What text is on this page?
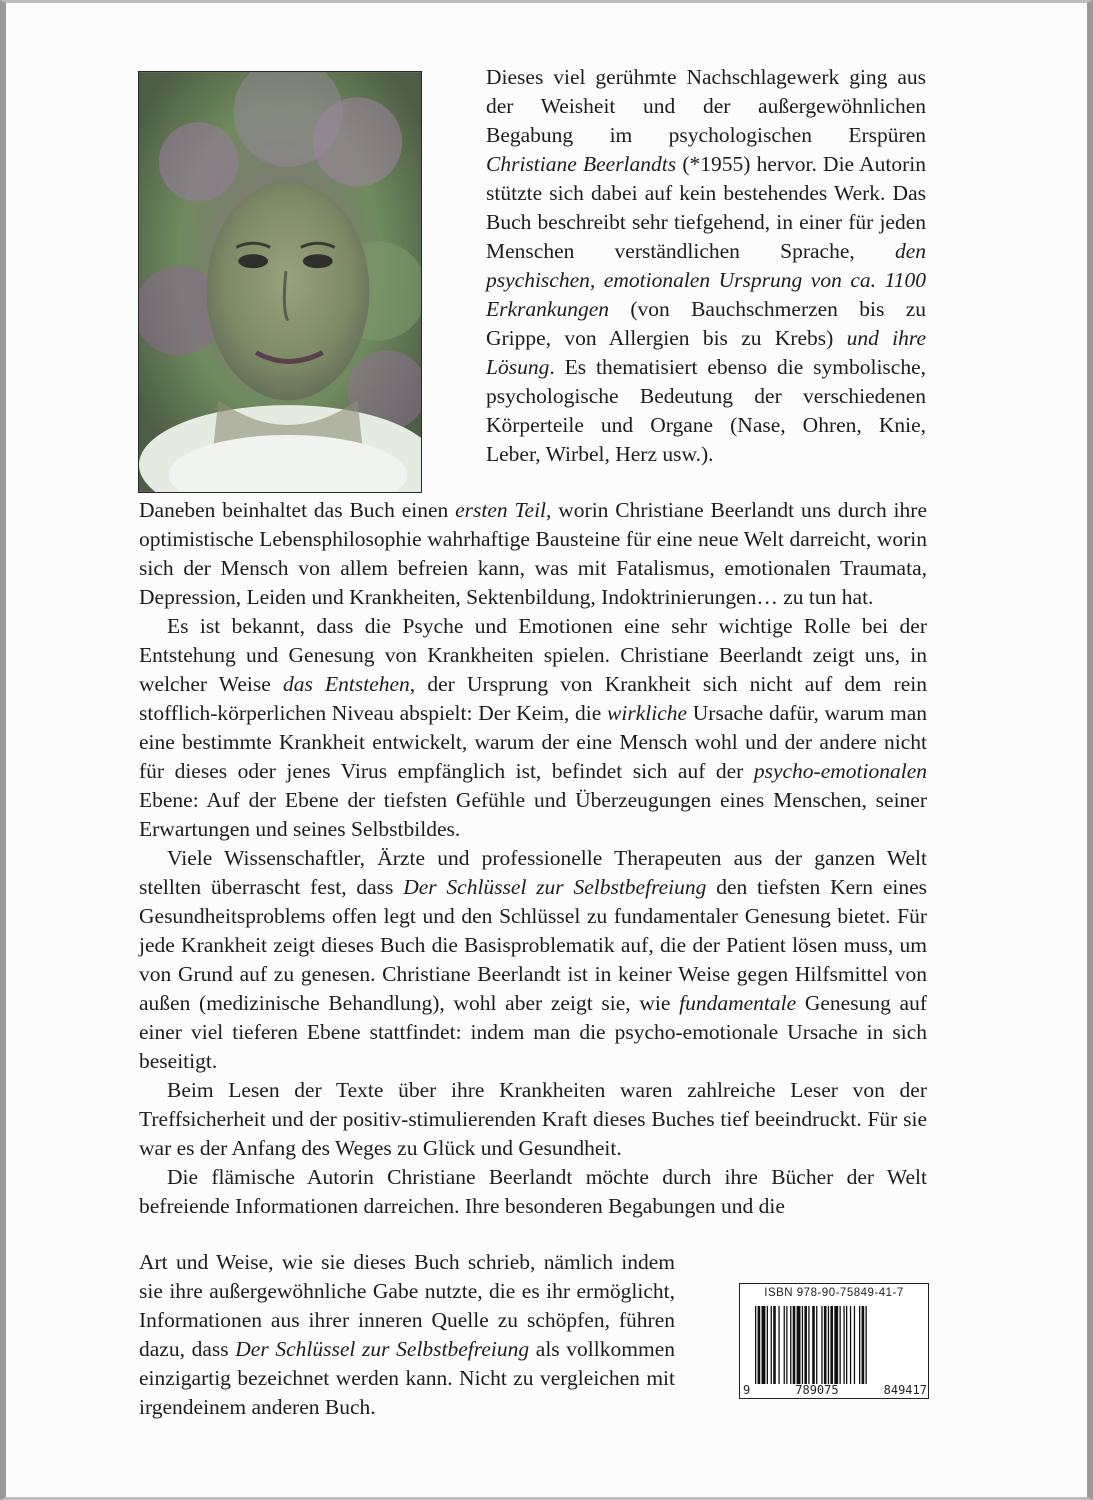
Dieses viel gerühmte Nachschlagewerk ging aus der Weisheit und der außergewöhnlichen Begabung im psychologischen Erspüren Christiane Beerlandts (*1955) hervor. Die Autorin stützte sich dabei auf kein bestehendes Werk. Das Buch beschreibt sehr tiefgehend, in einer für jeden Menschen verständlichen Sprache, den psychischen, emotionalen Ursprung von ca. 1100 Erkrankungen (von Bauchschmerzen bis zu Grippe, von Allergien bis zu Krebs) und ihre Lösung. Es thematisiert ebenso die symbolische, psychologische Bedeutung der verschiedenen Körperteile und Organe (Nase, Ohren, Knie, Leber, Wirbel, Herz usw.).

Daneben beinhaltet das Buch einen ersten Teil, worin Christiane Beerlandt uns durch ihre optimistische Lebensphilosophie wahrhaftige Bausteine für eine neue Welt darreicht, worin sich der Mensch von allem befreien kann, was mit Fatalismus, emotionalen Traumata, Depression, Leiden und Krankheiten, Sektenbildung, Indoktrinierungen… zu tun hat.

Es ist bekannt, dass die Psyche und Emotionen eine sehr wichtige Rolle bei der Entstehung und Genesung von Krankheiten spielen. Christiane Beerlandt zeigt uns, in welcher Weise das Entstehen, der Ursprung von Krankheit sich nicht auf dem rein stofflich-körperlichen Niveau abspielt: Der Keim, die wirkliche Ursache dafür, warum man eine bestimmte Krankheit entwickelt, warum der eine Mensch wohl und der andere nicht für dieses oder jenes Virus empfänglich ist, befindet sich auf der psycho-emotionalen Ebene: Auf der Ebene der tiefsten Gefühle und Überzeugungen eines Menschen, seiner Erwartungen und seines Selbstbildes.

Viele Wissenschaftler, Ärzte und professionelle Therapeuten aus der ganzen Welt stellten überrascht fest, dass Der Schlüssel zur Selbstbefreiung den tiefsten Kern eines Gesundheitsproblems offen legt und den Schlüssel zu fundamentaler Genesung bietet. Für jede Krankheit zeigt dieses Buch die Basisproblematik auf, die der Patient lösen muss, um von Grund auf zu genesen. Christiane Beerlandt ist in keiner Weise gegen Hilfsmittel von außen (medizinische Behandlung), wohl aber zeigt sie, wie fundamentale Genesung auf einer viel tieferen Ebene stattfindet: indem man die psycho-emotionale Ursache in sich beseitigt.

Beim Lesen der Texte über ihre Krankheiten waren zahlreiche Leser von der Treffsicherheit und der positiv-stimulierenden Kraft dieses Buches tief beeindruckt. Für sie war es der Anfang des Weges zu Glück und Gesundheit.

Die flämische Autorin Christiane Beerlandt möchte durch ihre Bücher der Welt befreiende Informationen darreichen. Ihre besonderen Begabungen und die

Art und Weise, wie sie dieses Buch schrieb, nämlich indem sie ihre außergewöhnliche Gabe nutzte, die es ihr ermöglicht, Informationen aus ihrer inneren Quelle zu schöpfen, führen dazu, dass Der Schlüssel zur Selbstbefreiung als vollkommen einzigartig bezeichnet werden kann. Nicht zu vergleichen mit irgendeinem anderen Buch.

ISBN 978-90-75849-41-7
9	789075	849417
